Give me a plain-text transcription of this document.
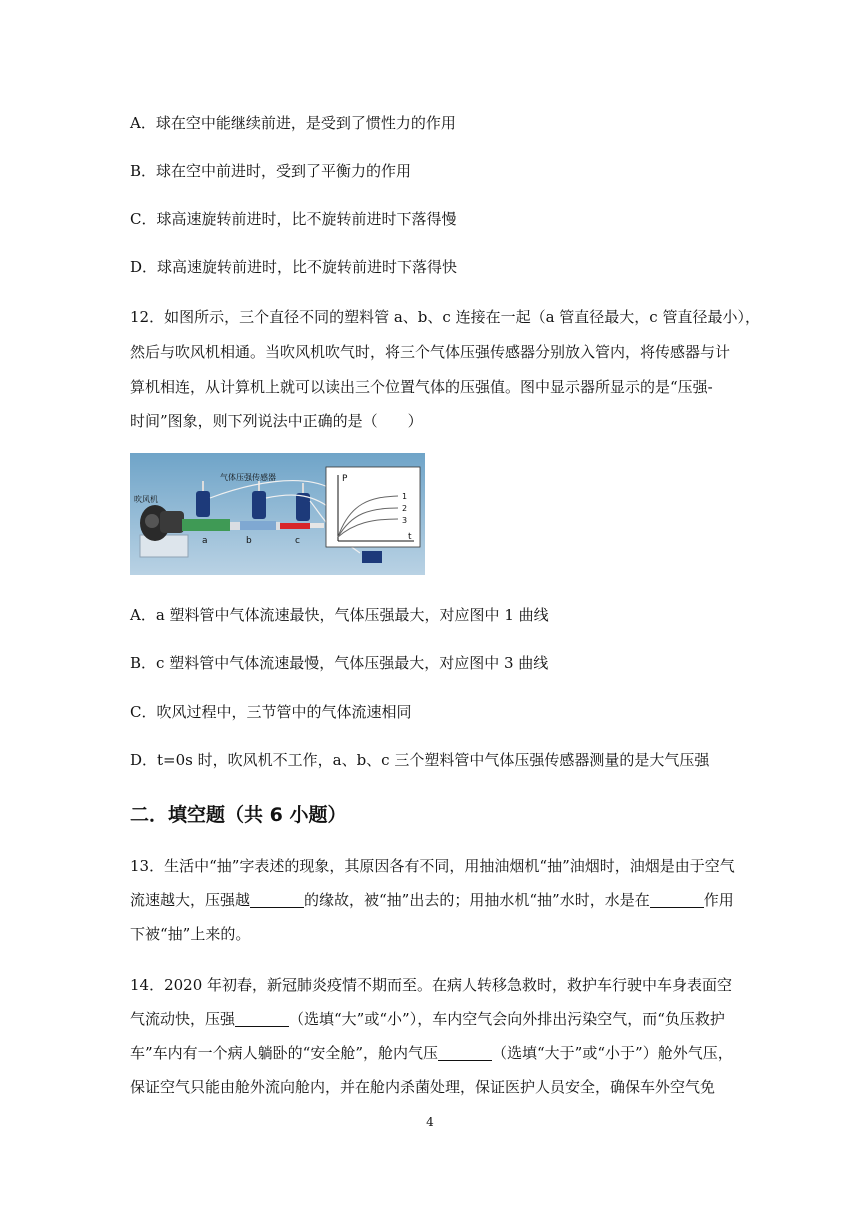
A．球在空中能继续前进，是受到了惯性力的作用
B．球在空中前进时，受到了平衡力的作用
C．球高速旋转前进时，比不旋转前进时下落得慢
D．球高速旋转前进时，比不旋转前进时下落得快
12．如图所示，三个直径不同的塑料管 a、b、c 连接在一起（a 管直径最大，c 管直径最小），
然后与吹风机相通。当吹风机吹气时，将三个气体压强传感器分别放入管内，将传感器与计
算机相连，从计算机上就可以读出三个位置气体的压强值。图中显示器所显示的是“压强-
时间”图象，则下列说法中正确的是（　　）
吹风机
a	b	c
气体压强传感器	P
t
1
2
3
A．a 塑料管中气体流速最快，气体压强最大，对应图中 1 曲线
B．c 塑料管中气体流速最慢，气体压强最大，对应图中 3 曲线
C．吹风过程中，三节管中的气体流速相同
D．t=0s 时，吹风机不工作，a、b、c 三个塑料管中气体压强传感器测量的是大气压强
二．填空题（共 6 小题）
13．生活中“抽”字表述的现象，其原因各有不同，用抽油烟机“抽”油烟时，油烟是由于空气
流速越大，压强越	的缘故，被“抽”出去的；用抽水机“抽”水时，水是在	作用
下被“抽”上来的。
14．2020 年初春，新冠肺炎疫情不期而至。在病人转移急救时，救护车行驶中车身表面空
气流动快，压强	（选填“大”或“小”），车内空气会向外排出污染空气，而“负压救护
车”车内有一个病人躺卧的“安全舱”，舱内气压	（选填“大于”或“小于”）舱外气压，
保证空气只能由舱外流向舱内，并在舱内杀菌处理，保证医护人员安全，确保车外空气免
4
